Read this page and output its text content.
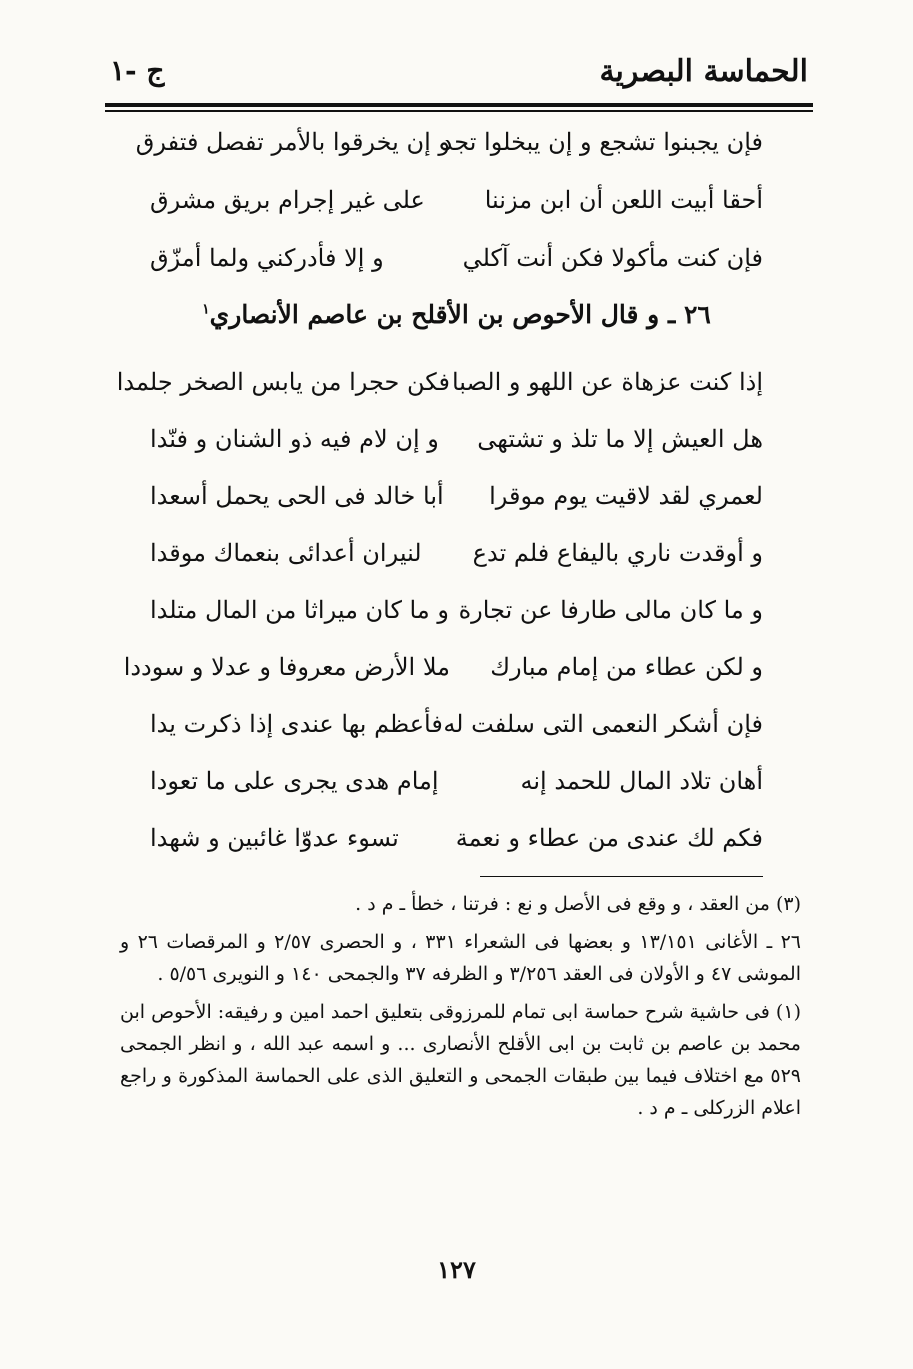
الحماسة البصرية
ج -١
فإن يجبنوا تشجع و إن يبخلوا تجد
و إن يخرقوا بالأمر تفصل فتفرق
أحقا أبيت اللعن أن ابن مزننا
على غير إجرام بريق مشرق
فإن كنت مأكولا فكن أنت آكلي
و إلا فأدركني ولما أمزّق
٢٦ ـ و قال الأحوص بن الأقلح بن عاصم الأنصاري$^١$
إذا كنت عزهاة عن اللهو و الصبا
فكن حجرا من يابس الصخر جلمدا
هل العيش إلا ما تلذ و تشتهى
و إن لام فيه ذو الشنان و فنّدا
لعمري لقد لاقيت يوم موقرا
أبا خالد فى الحى يحمل أسعدا
و أوقدت ناري باليفاع فلم تدع
لنيران أعدائى بنعماك موقدا
و ما كان مالى طارفا عن تجارة
و ما كان ميراثا من المال متلدا
و لكن عطاء من إمام مبارك
ملا الأرض معروفا و عدلا و سوددا
فإن أشكر النعمى التى سلفت له
فأعظم بها عندى إذا ذكرت يدا
أهان تلاد المال للحمد إنه
إمام هدى يجرى على ما تعودا
فكم لك عندى من عطاء و نعمة
تسوء عدوّا غائبين و شهدا

(٣) من العقد ، و وقع فى الأصل و نع : فرتنا ، خطأ ـ م د .

٢٦ ـ الأغانى ١٣/١٥١ و بعضها فى الشعراء ٣٣١ ، و الحصرى ٢/٥٧ و المرقصات ٢٦ و الموشى ٤٧ و الأولان فى العقد ٣/٢٥٦ و الظرفه ٣٧ والجمحى ١٤٠ و النويرى ٥/٥٦ .

(١) فى حاشية شرح حماسة ابى تمام للمرزوقى بتعليق احمد امين و رفيقه: الأحوص ابن محمد بن عاصم بن ثابت بن ابى الأقلح الأنصارى ... و اسمه عبد الله ، و انظر الجمحى ٥٢٩ مع اختلاف فيما بين طبقات الجمحى و التعليق الذى على الحماسة المذكورة و راجع اعلام الزركلى ـ م د .

١٢٧
